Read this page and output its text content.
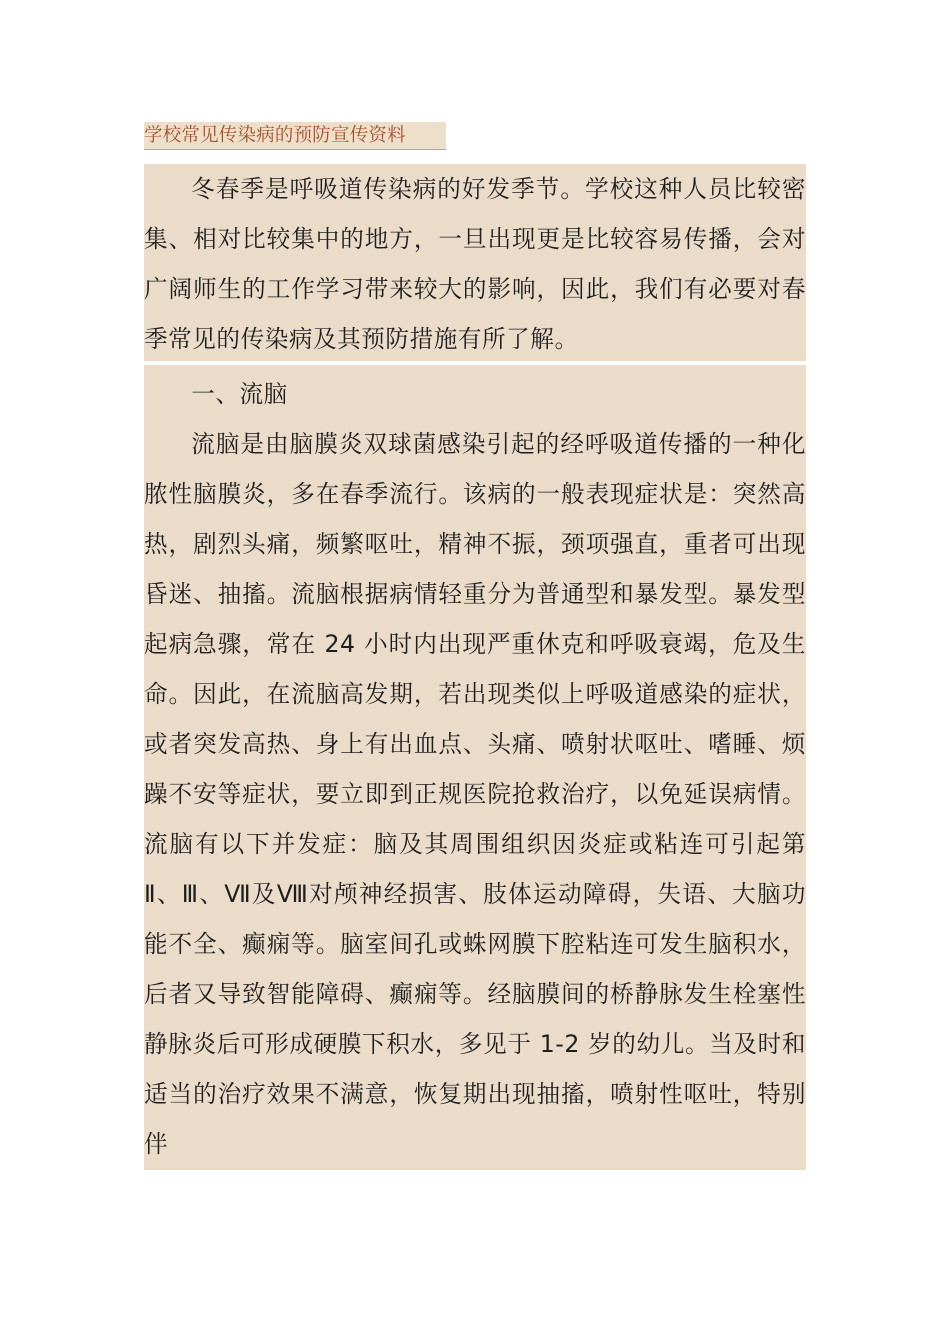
学校常见传染病的预防宣传资料

冬春季是呼吸道传染病的好发季节。学校这种人员比较密集、相对比较集中的地方，一旦出现更是比较容易传播，会对广阔师生的工作学习带来较大的影响，因此，我们有必要对春季常见的传染病及其预防措施有所了解。

一、流脑

流脑是由脑膜炎双球菌感染引起的经呼吸道传播的一种化脓性脑膜炎，多在春季流行。该病的一般表现症状是：突然高热，剧烈头痛，频繁呕吐，精神不振，颈项强直，重者可出现昏迷、抽搐。流脑根据病情轻重分为普通型和暴发型。暴发型起病急骤，常在 24 小时内出现严重休克和呼吸衰竭，危及生命。因此，在流脑高发期，若出现类似上呼吸道感染的症状，或者突发高热、身上有出血点、头痛、喷射状呕吐、嗜睡、烦躁不安等症状，要立即到正规医院抢救治疗，以免延误病情。流脑有以下并发症：脑及其周围组织因炎症或粘连可引起第Ⅱ、Ⅲ、Ⅶ及Ⅷ对颅神经损害、肢体运动障碍，失语、大脑功能不全、癫痫等。脑室间孔或蛛网膜下腔粘连可发生脑积水，后者又导致智能障碍、癫痫等。经脑膜间的桥静脉发生栓塞性静脉炎后可形成硬膜下积水，多见于 1-2 岁的幼儿。当及时和适当的治疗效果不满意，恢复期出现抽搐，喷射性呕吐，特别伴
